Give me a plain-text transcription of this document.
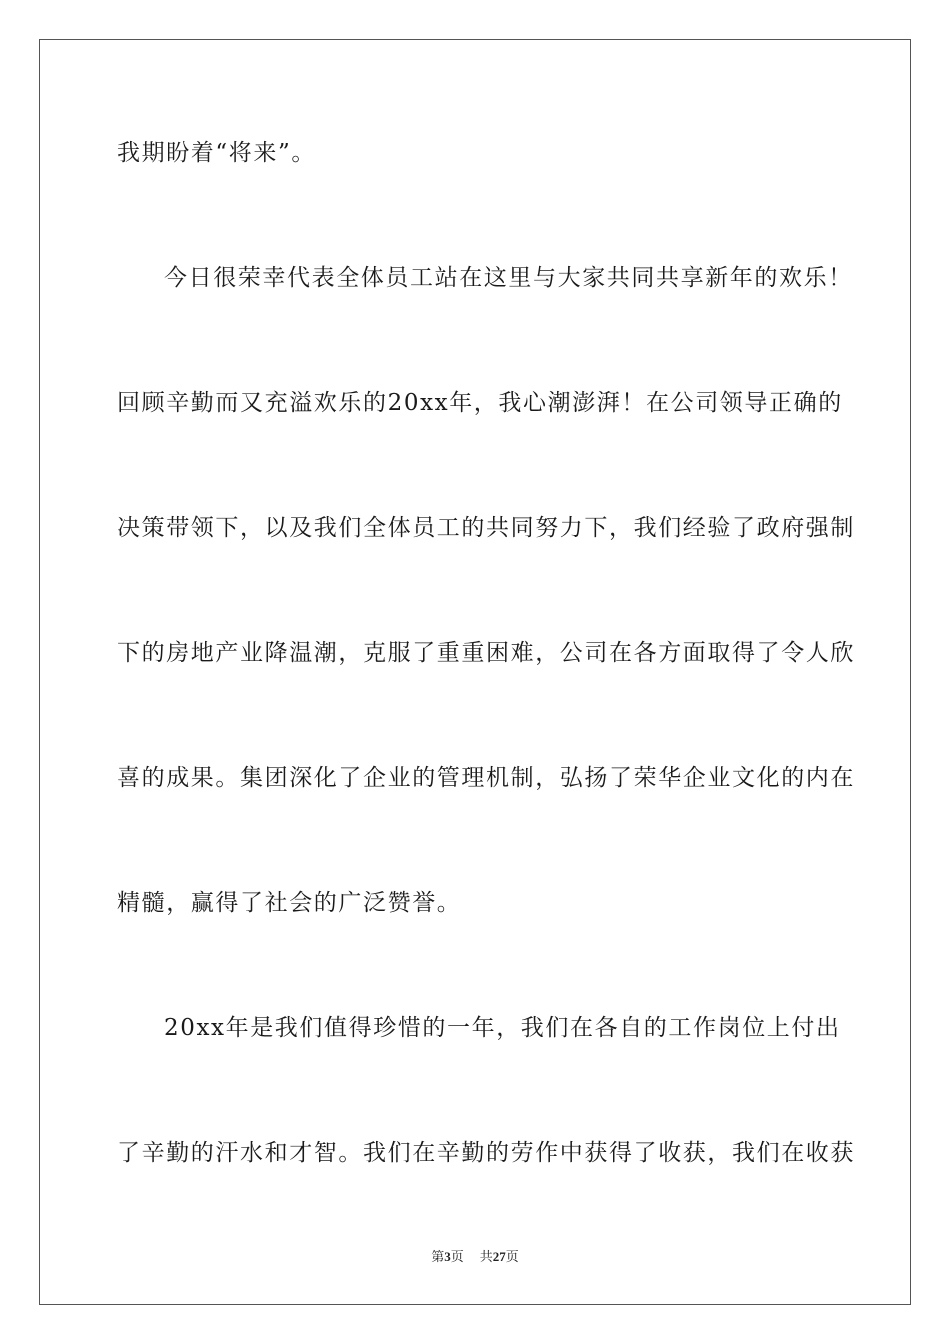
我期盼着“将来”。
今日很荣幸代表全体员工站在这里与大家共同共享新年的欢乐！
回顾辛勤而又充溢欢乐的20xx年，我心潮澎湃！在公司领导正确的
决策带领下，以及我们全体员工的共同努力下，我们经验了政府强制
下的房地产业降温潮，克服了重重困难，公司在各方面取得了令人欣
喜的成果。集团深化了企业的管理机制，弘扬了荣华企业文化的内在
精髓，赢得了社会的广泛赞誉。
20xx年是我们值得珍惜的一年，我们在各自的工作岗位上付出
了辛勤的汗水和才智。我们在辛勤的劳作中获得了收获，我们在收获
第3页 共27页
